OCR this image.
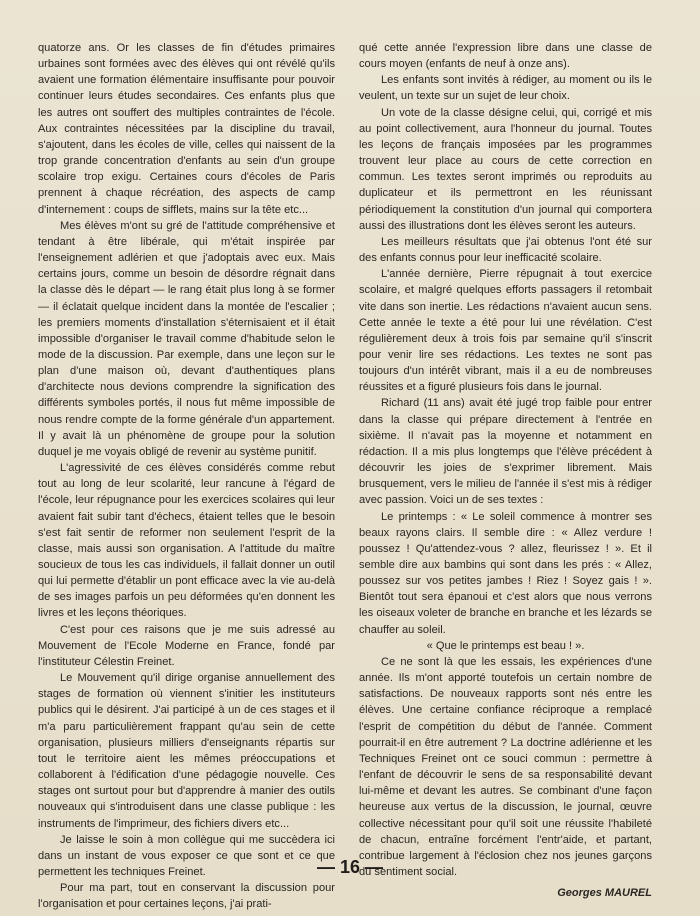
quatorze ans. Or les classes de fin d'études primaires urbaines sont formées avec des élèves qui ont révélé qu'ils avaient une formation élémentaire insuffisante pour pouvoir continuer leurs études secondaires. Ces enfants plus que les autres ont souffert des multiples contraintes de l'école. Aux contraintes nécessitées par la discipline du travail, s'ajoutent, dans les écoles de ville, celles qui naissent de la trop grande concentration d'enfants au sein d'un groupe scolaire trop exigu. Certaines cours d'écoles de Paris prennent à chaque récréation, des aspects de camp d'internement : coups de sifflets, mains sur la tête etc...

Mes élèves m'ont su gré de l'attitude compréhensive et tendant à être libérale, qui m'était inspirée par l'enseignement adlérien et que j'adoptais avec eux. Mais certains jours, comme un besoin de désordre régnait dans la classe dès le départ — le rang était plus long à se former — il éclatait quelque incident dans la montée de l'escalier ; les premiers moments d'installation s'éternisaient et il était impossible d'organiser le travail comme d'habitude selon le mode de la discussion. Par exemple, dans une leçon sur le plan d'une maison où, devant d'authentiques plans d'architecte nous devions comprendre la signification des différents symboles portés, il nous fut même impossible de nous rendre compte de la forme générale d'un appartement. Il y avait là un phénomène de groupe pour la solution duquel je me voyais obligé de revenir au système punitif.

L'agressivité de ces élèves considérés comme rebut tout au long de leur scolarité, leur rancune à l'égard de l'école, leur répugnance pour les exercices scolaires qui leur avaient fait subir tant d'échecs, étaient telles que le besoin s'est fait sentir de reformer non seulement l'esprit de la classe, mais aussi son organisation. A l'attitude du maître soucieux de tous les cas individuels, il fallait donner un outil qui lui permette d'établir un pont efficace avec la vie au-delà de ses images parfois un peu déformées qu'en donnent les livres et les leçons théoriques.

C'est pour ces raisons que je me suis adressé au Mouvement de l'Ecole Moderne en France, fondé par l'instituteur Célestin Freinet.

Le Mouvement qu'il dirige organise annuellement des stages de formation où viennent s'initier les instituteurs publics qui le désirent. J'ai participé à un de ces stages et il m'a paru particulièrement frappant qu'au sein de cette organisation, plusieurs milliers d'enseignants répartis sur tout le territoire aient les mêmes préoccupations et collaborent à l'édification d'une pédagogie nouvelle. Ces stages ont surtout pour but d'apprendre à manier des outils nouveaux qui s'introduisent dans une classe publique : les instruments de l'imprimeur, des fichiers divers etc...

Je laisse le soin à mon collègue qui me succèdera ici dans un instant de vous exposer ce que sont et ce que permettent les techniques Freinet.

Pour ma part, tout en conservant la discussion pour l'organisation et pour certaines leçons, j'ai prati-

qué cette année l'expression libre dans une classe de cours moyen (enfants de neuf à onze ans).

Les enfants sont invités à rédiger, au moment ou ils le veulent, un texte sur un sujet de leur choix.

Un vote de la classe désigne celui, qui, corrigé et mis au point collectivement, aura l'honneur du journal. Toutes les leçons de français imposées par les programmes trouvent leur place au cours de cette correction en commun. Les textes seront imprimés ou reproduits au duplicateur et ils permettront en les réunissant périodiquement la constitution d'un journal qui comportera aussi des illustrations dont les élèves seront les auteurs.

Les meilleurs résultats que j'ai obtenus l'ont été sur des enfants connus pour leur inefficacité scolaire.

L'année dernière, Pierre répugnait à tout exercice scolaire, et malgré quelques efforts passagers il retombait vite dans son inertie. Les rédactions n'avaient aucun sens. Cette année le texte a été pour lui une révélation. C'est régulièrement deux à trois fois par semaine qu'il s'inscrit pour venir lire ses rédactions. Les textes ne sont pas toujours d'un intérêt vibrant, mais il a eu de nombreuses réussites et a figuré plusieurs fois dans le journal.

Richard (11 ans) avait été jugé trop faible pour entrer dans la classe qui prépare directement à l'entrée en sixième. Il n'avait pas la moyenne et notamment en rédaction. Il a mis plus longtemps que l'élève précédent à découvrir les joies de s'exprimer librement. Mais brusquement, vers le milieu de l'année il s'est mis à rédiger avec passion. Voici un de ses textes :

Le printemps : « Le soleil commence à montrer ses beaux rayons clairs. Il semble dire : « Allez verdure ! poussez ! Qu'attendez-vous ? allez, fleurissez ! ». Et il semble dire aux bambins qui sont dans les prés : « Allez, poussez sur vos petites jambes ! Riez ! Soyez gais ! ». Bientôt tout sera épanoui et c'est alors que nous verrons les oiseaux voleter de branche en branche et les lézards se chauffer au soleil.

« Que le printemps est beau ! ».

Ce ne sont là que les essais, les expériences d'une année. Ils m'ont apporté toutefois un certain nombre de satisfactions. De nouveaux rapports sont nés entre les élèves. Une certaine confiance réciproque a remplacé l'esprit de compétition du début de l'année. Comment pourrait-il en être autrement ? La doctrine adlérienne et les Techniques Freinet ont ce souci commun : permettre à l'enfant de découvrir le sens de sa responsabilité devant lui-même et devant les autres. Se combinant d'une façon heureuse aux vertus de la discussion, le journal, œuvre collective nécessitant pour qu'il soit une réussite l'habileté de chacun, entraîne forcément l'entr'aide, et partant, contribue largement à l'éclosion chez nos jeunes garçons du sentiment social.

Georges MAUREL

— 16 —
